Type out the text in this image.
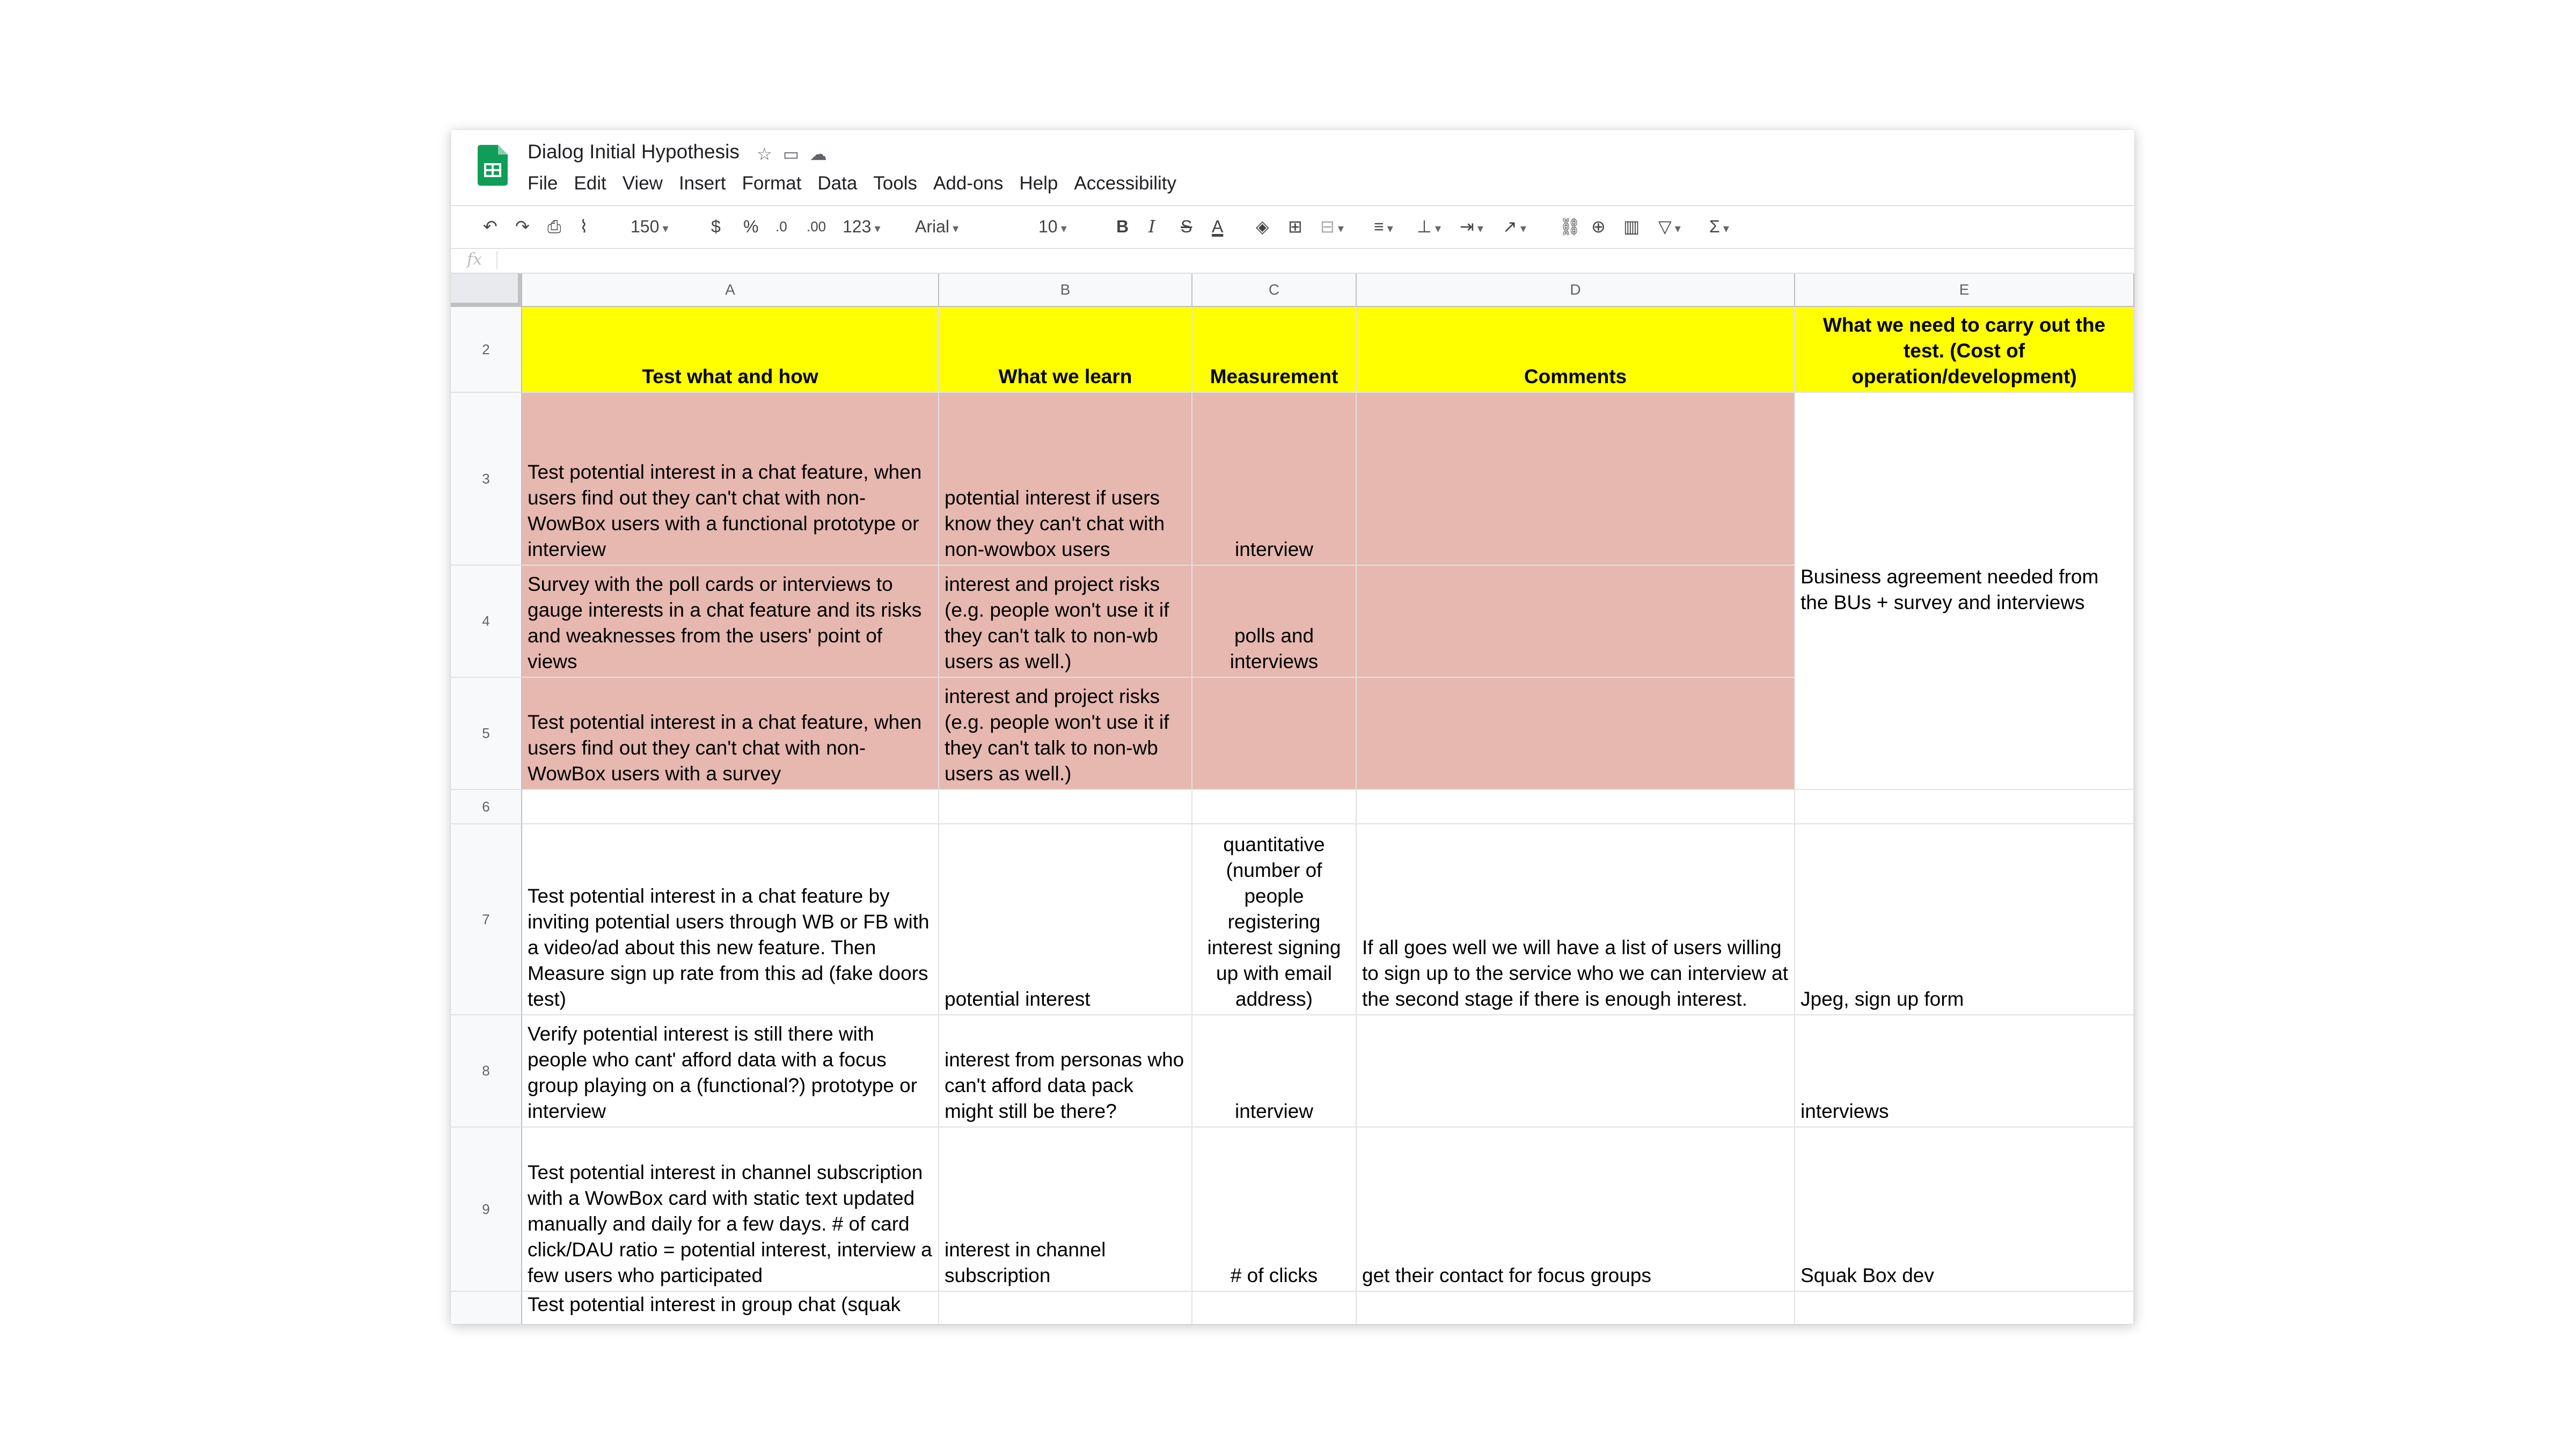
Dialog Initial Hypothesis ☆ ▭ ☁
File Edit View Insert Format Data Tools Add-ons Help Accessibility
↶ ↷ ⎙ ⌇ 150 ▾	$ % .0 .00 123 ▾	Arial ▾	10 ▾	B I S A ◈ ⊞ ⊟ ▾	≡ ▾	⊥ ▾	⇥ ▾	↗ ▾	⛓ ⊕ ▥ ▽ ▾	Σ ▾
fx
A	B	C	D	E
2
3
4
5
6
7
8
9
Test what and how	What we learn	Measurement	Comments
What we need to carry out the test. (Cost of operation/development)
Test potential interest in a chat feature, when users find out they can't chat with non-WowBox users with a functional prototype or interview
potential interest if users know they can't chat with non-wowbox users	interview
Survey with the poll cards or interviews to gauge interests in a chat feature and its risks and weaknesses from the users' point of views
interest and project risks (e.g. people won't use it if they can't talk to non-wb users as well.)
polls and interviews
Test potential interest in a chat feature, when users find out they can't chat with non-WowBox users with a survey
interest and project risks (e.g. people won't use it if they can't talk to non-wb users as well.)
Business agreement needed from the BUs + survey and interviews
Test potential interest in a chat feature by inviting potential users through WB or FB with a video/ad about this new feature. Then Measure sign up rate from this ad (fake doors test)	potential interest
quantitative (number of people registering interest signing up with email address)
If all goes well we will have a list of users willing to sign up to the service who we can interview at the second stage if there is enough interest.	Jpeg, sign up form
Verify potential interest is still there with people who cant' afford data with a focus group playing on a (functional?) prototype or interview
interest from personas who can't afford data pack might still be there?	interview	interviews
Test potential interest in channel subscription with a WowBox card with static text updated manually and daily for a few days. # of card click/DAU ratio = potential interest, interview a few users who participated
interest in channel subscription	# of clicks	get their contact for focus groups	Squak Box dev
Test potential interest in group chat (squak
